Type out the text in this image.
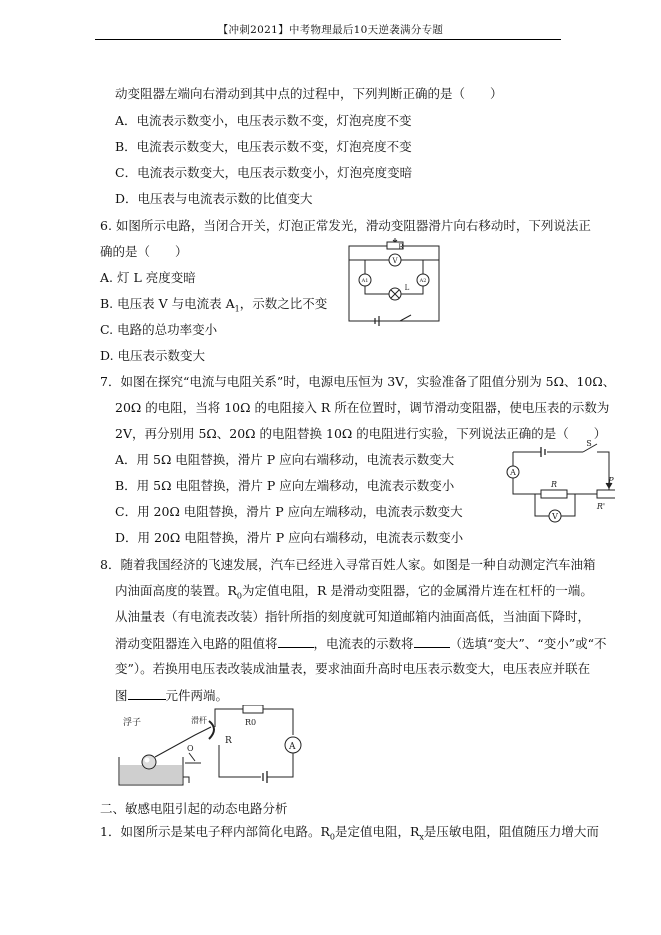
【冲刺2021】中考物理最后10天逆袭满分专题
动变阻器左端向右滑动到其中点的过程中，下列判断正确的是（　　）
A．电流表示数变小，电压表示数不变，灯泡亮度不变
B．电流表示数变大，电压表示数不变，灯泡亮度不变
C．电流表示数变大，电压表示数变小，灯泡亮度变暗
D．电压表与电流表示数的比值变大
6. 如图所示电路，当闭合开关，灯泡正常发光，滑动变阻器滑片向右移动时，下列说法正
确的是（　　）
A. 灯 L 亮度变暗
B. 电压表 V 与电流表 $A_1$，示数之比不变
C. 电路的总功率变小
D. 电压表示数变大
R
V
A1	A2
L
7．如图在探究“电流与电阻关系”时，电源电压恒为 3V，实验准备了阻值分别为 5Ω、10Ω、
20Ω 的电阻，当将 10Ω 的电阻接入 R 所在位置时，调节滑动变阻器，使电压表的示数为
2V，再分别用 5Ω、20Ω 的电阻替换 10Ω 的电阻进行实验，下列说法正确的是（　　）
A．用 5Ω 电阻替换，滑片 P 应向右端移动，电流表示数变大
B．用 5Ω 电阻替换，滑片 P 应向左端移动，电流表示数变小
C．用 20Ω 电阻替换，滑片 P 应向左端移动，电流表示数变大
D．用 20Ω 电阻替换，滑片 P 应向右端移动，电流表示数变小
S
A
R	P
R'
V
8．随着我国经济的飞速发展，汽车已经进入寻常百姓人家。如图是一种自动测定汽车油箱
内油面高度的装置。$R_0$为定值电阻，R 是滑动变阻器，它的金属滑片连在杠杆的一端。
从油量表（有电流表改装）指针所指的刻度就可知道邮箱内油面高低，当油面下降时，
滑动变阻器连入电路的阻值将	，电流表的示数将	（选填“变大”、“变小”或“不
变”）。若换用电压表改装成油量表，要求油面升高时电压表示数变大，电压表应并联在
图	元件两端。
浮子	滑杆
O
R
R0
A
二、敏感电阻引起的动态电路分析
1．如图所示是某电子秤内部简化电路。$R_0$是定值电阻，$R_x$是压敏电阻，阻值随压力增大而
